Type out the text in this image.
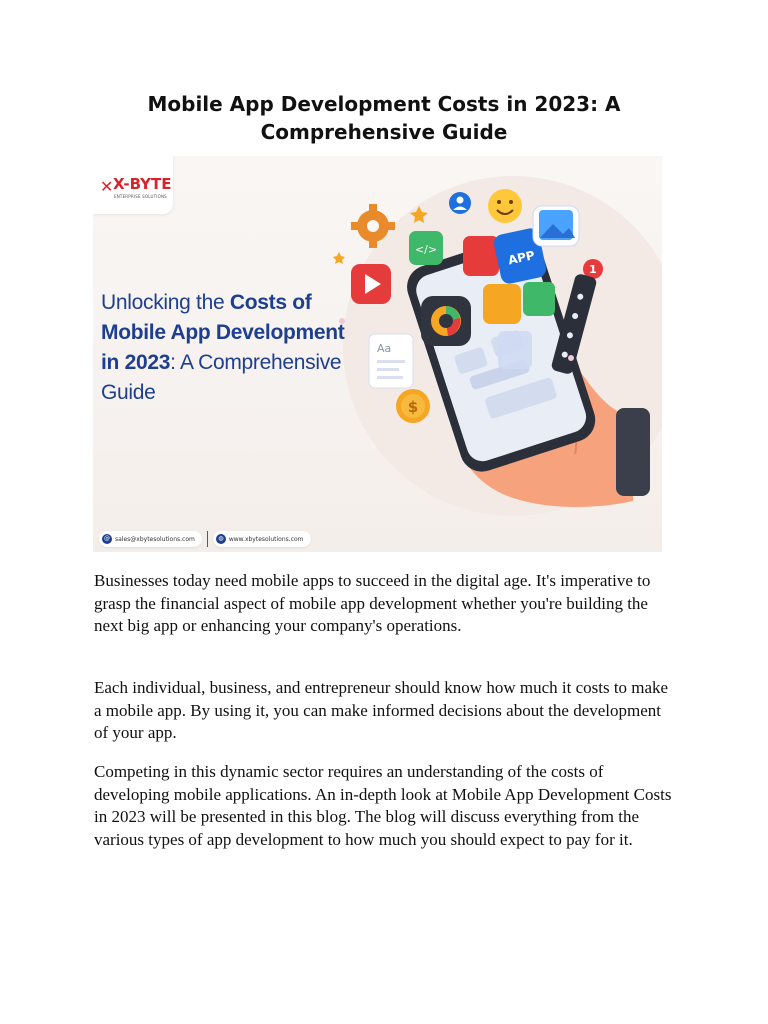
Mobile App Development Costs in 2023: A Comprehensive Guide
</>	APP
1
Aa
$
✕ X-BYTE
ENTERPRISE SOLUTIONS
Unlocking the Costs of Mobile App Development in 2023: A Comprehensive Guide
@ sales@xbytesolutions.com	◍ www.xbytesolutions.com

Businesses today need mobile apps to succeed in the digital age. It's imperative to grasp the financial aspect of mobile app development whether you're building the next big app or enhancing your company's operations.

Each individual, business, and entrepreneur should know how much it costs to make a mobile app. By using it, you can make informed decisions about the development of your app.

Competing in this dynamic sector requires an understanding of the costs of developing mobile applications. An in-depth look at Mobile App Development Costs in 2023 will be presented in this blog. The blog will discuss everything from the various types of app development to how much you should expect to pay for it.
